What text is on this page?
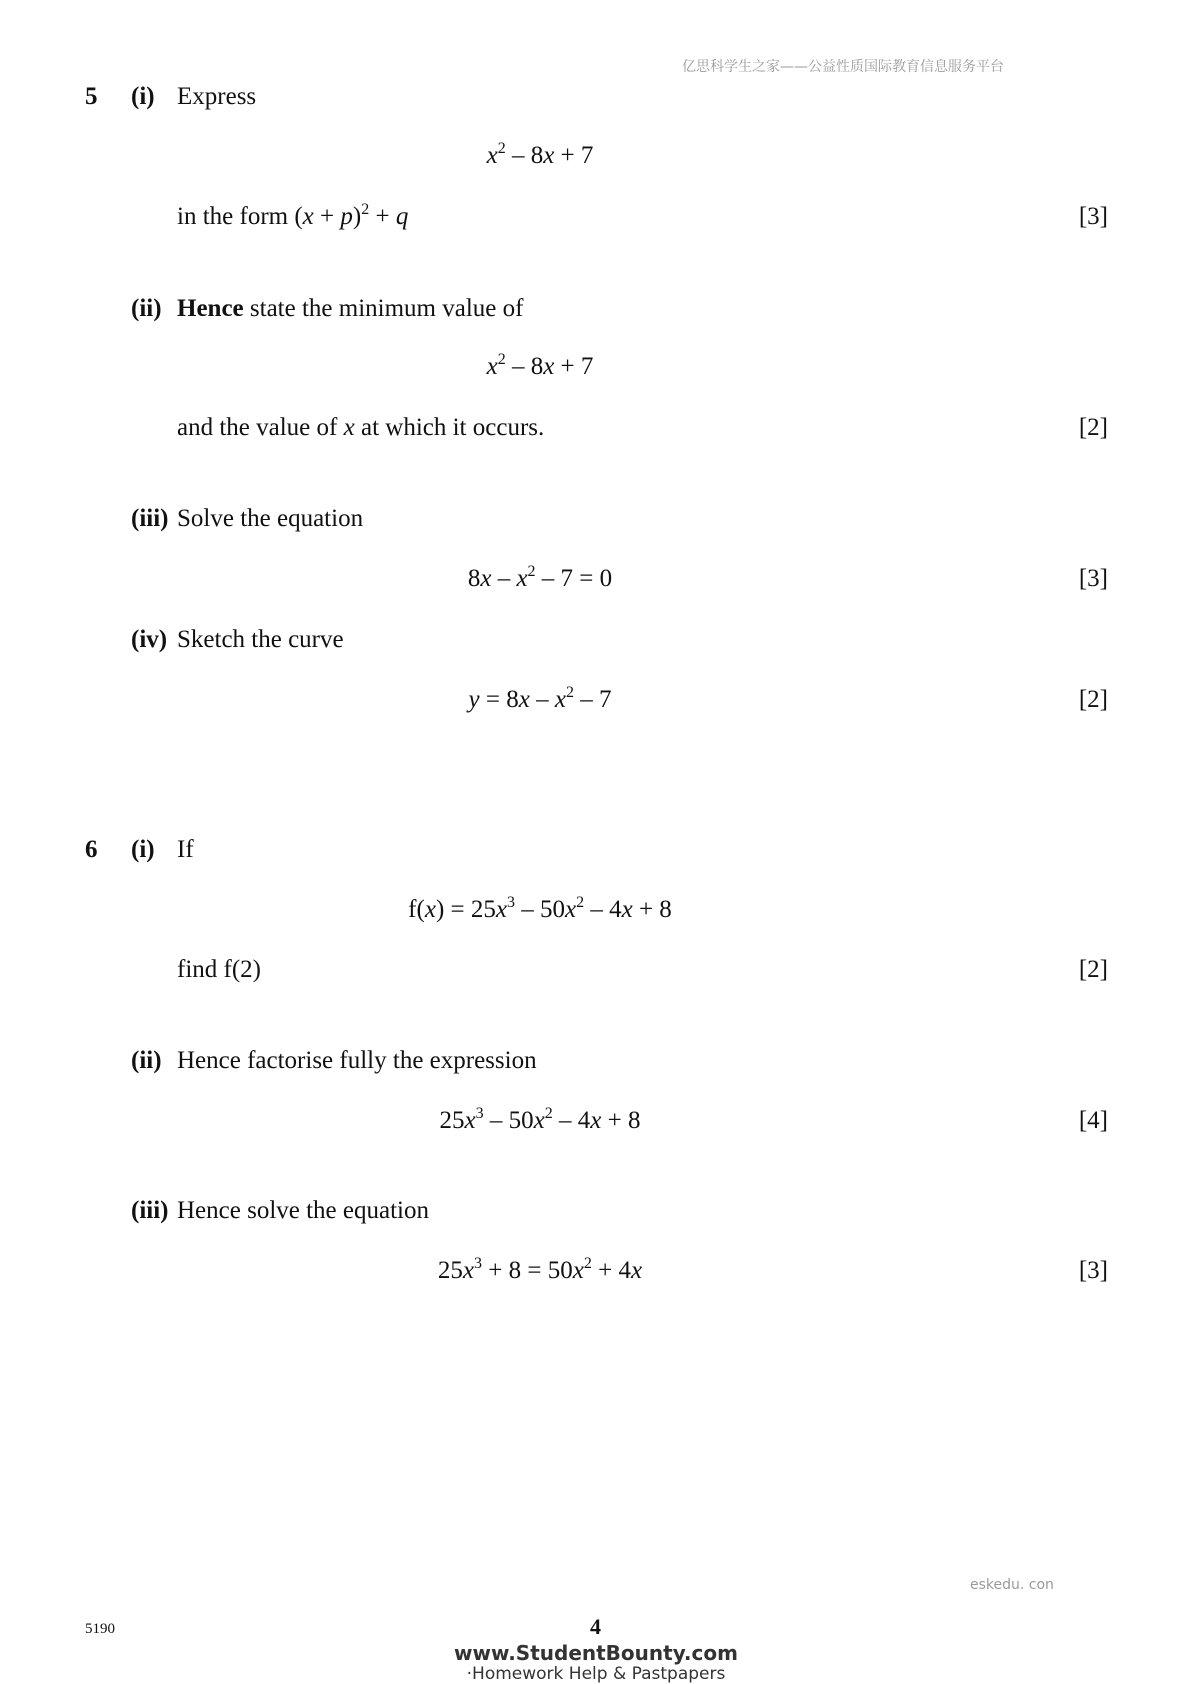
亿思科学生之家——公益性质国际教育信息服务平台
5 (i) Express
$x^2 - 8x + 7$
in the form $(x + p)^2 + q$	[3]
(ii) Hence state the minimum value of
$x^2 - 8x + 7$
and the value of x at which it occurs.	[2]
(iii) Solve the equation
$8x - x^2 - 7 = 0$	[3]
(iv) Sketch the curve
$y = 8x - x^2 - 7$	[2]
6 (i) If
$f(x) = 25x^3 - 50x^2 - 4x + 8$
find f(2)	[2]
(ii) Hence factorise fully the expression
$25x^3 - 50x^2 - 4x + 8$	[4]
(iii) Hence solve the equation
$25x^3 + 8 = 50x^2 + 4x$	[3]
eskedu. con
5190	4
www.StudentBounty.com
·Homework Help & Pastpapers
